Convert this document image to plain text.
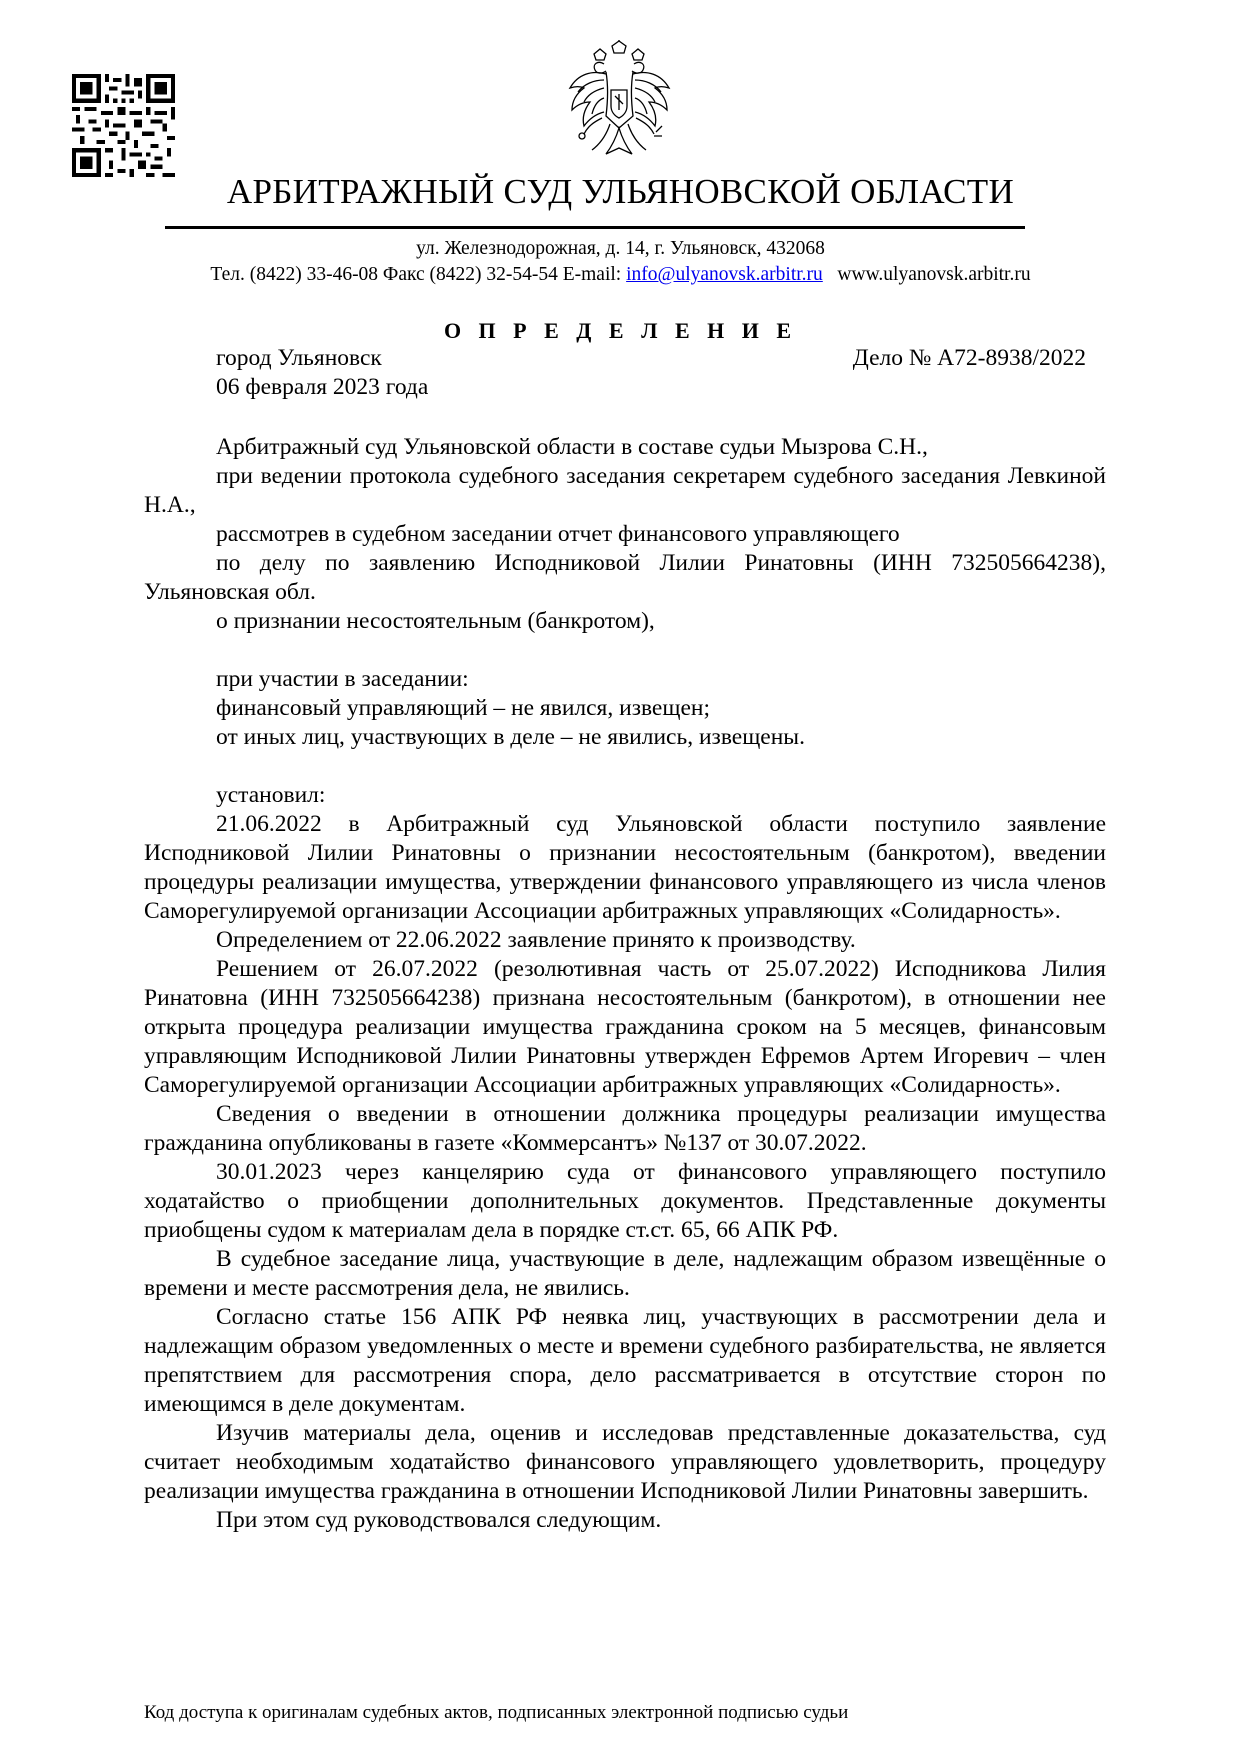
АРБИТРАЖНЫЙ СУД УЛЬЯНОВСКОЙ ОБЛАСТИ
ул. Железнодорожная, д. 14, г. Ульяновск, 432068
Тел. (8422) 33-46-08 Факс (8422) 32-54-54 E-mail: info@ulyanovsk.arbitr.ru www.ulyanovsk.arbitr.ru
О П Р Е Д Е Л Е Н И Е
город Ульяновск	Дело № А72-8938/2022
06 февраля 2023 года

Арбитражный суд Ульяновской области в составе судьи Мызрова С.Н.,

при ведении протокола судебного заседания секретарем судебного заседания Левкиной Н.А.,

рассмотрев в судебном заседании отчет финансового управляющего

по делу по заявлению Исподниковой Лилии Ринатовны (ИНН 732505664238), Ульяновская обл.

о признании несостоятельным (банкротом),

при участии в заседании:

финансовый управляющий – не явился, извещен;

от иных лиц, участвующих в деле – не явились, извещены.

установил:

21.06.2022 в Арбитражный суд Ульяновской области поступило заявление Исподниковой Лилии Ринатовны о признании несостоятельным (банкротом), введении процедуры реализации имущества, утверждении финансового управляющего из числа членов Саморегулируемой организации Ассоциации арбитражных управляющих «Солидарность».

Определением от 22.06.2022 заявление принято к производству.

Решением от 26.07.2022 (резолютивная часть от 25.07.2022) Исподникова Лилия Ринатовна (ИНН 732505664238) признана несостоятельным (банкротом), в отношении нее открыта процедура реализации имущества гражданина сроком на 5 месяцев, финансовым управляющим Исподниковой Лилии Ринатовны утвержден Ефремов Артем Игоревич – член Саморегулируемой организации Ассоциации арбитражных управляющих «Солидарность».

Сведения о введении в отношении должника процедуры реализации имущества гражданина опубликованы в газете «Коммерсантъ» №137 от 30.07.2022.

30.01.2023 через канцелярию суда от финансового управляющего поступило ходатайство о приобщении дополнительных документов. Представленные документы приобщены судом к материалам дела в порядке ст.ст. 65, 66 АПК РФ.

В судебное заседание лица, участвующие в деле, надлежащим образом извещённые о времени и месте рассмотрения дела, не явились.

Согласно статье 156 АПК РФ неявка лиц, участвующих в рассмотрении дела и надлежащим образом уведомленных о месте и времени судебного разбирательства, не является препятствием для рассмотрения спора, дело рассматривается в отсутствие сторон по имеющимся в деле документам.

Изучив материалы дела, оценив и исследовав представленные доказательства, суд считает необходимым ходатайство финансового управляющего удовлетворить, процедуру реализации имущества гражданина в отношении Исподниковой Лилии Ринатовны завершить.

При этом суд руководствовался следующим.

Код доступа к оригиналам судебных актов, подписанных электронной подписью судьи
